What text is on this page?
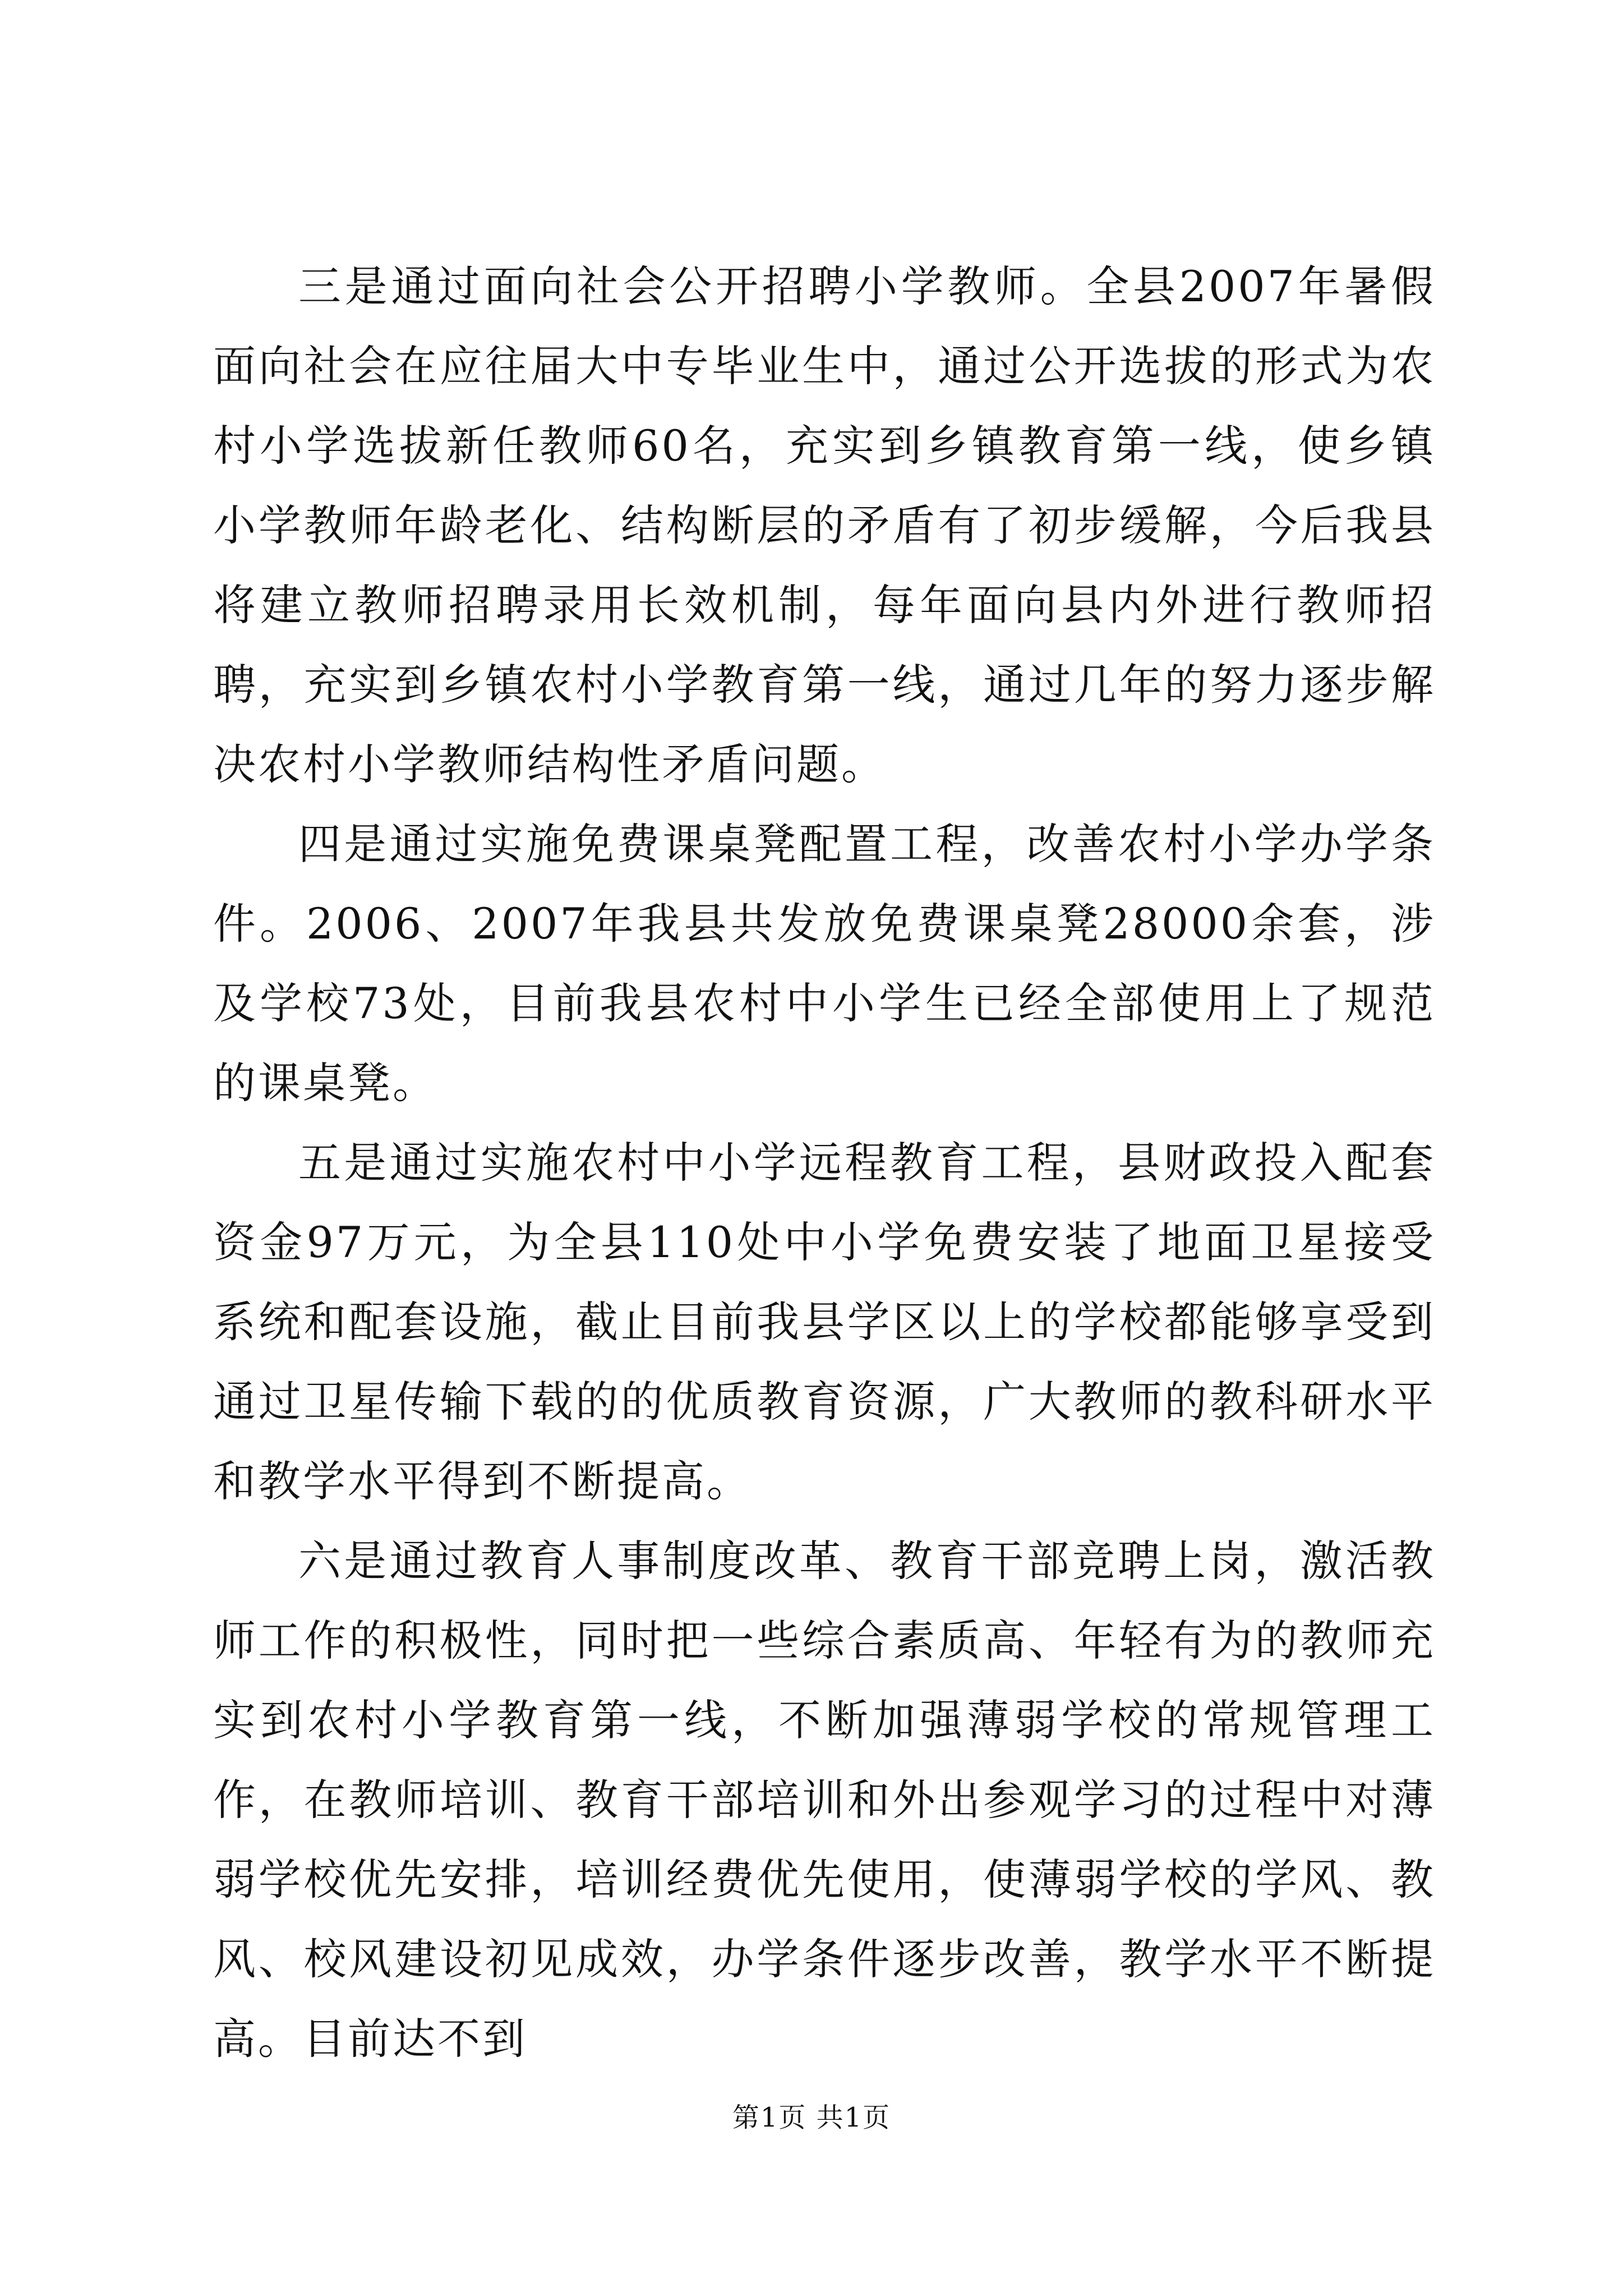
三是通过面向社会公开招聘小学教师。全县2007年暑假面向社会在应往届大中专毕业生中，通过公开选拔的形式为农村小学选拔新任教师60名，充实到乡镇教育第一线，使乡镇小学教师年龄老化、结构断层的矛盾有了初步缓解，今后我县将建立教师招聘录用长效机制，每年面向县内外进行教师招聘，充实到乡镇农村小学教育第一线，通过几年的努力逐步解决农村小学教师结构性矛盾问题。

四是通过实施免费课桌凳配置工程，改善农村小学办学条件。2006、2007年我县共发放免费课桌凳28000余套，涉及学校73处，目前我县农村中小学生已经全部使用上了规范的课桌凳。

五是通过实施农村中小学远程教育工程，县财政投入配套资金97万元，为全县110处中小学免费安装了地面卫星接受系统和配套设施，截止目前我县学区以上的学校都能够享受到通过卫星传输下载的的优质教育资源，广大教师的教科研水平和教学水平得到不断提高。

六是通过教育人事制度改革、教育干部竞聘上岗，激活教师工作的积极性，同时把一些综合素质高、年轻有为的教师充实到农村小学教育第一线，不断加强薄弱学校的常规管理工作，在教师培训、教育干部培训和外出参观学习的过程中对薄弱学校优先安排，培训经费优先使用，使薄弱学校的学风、教风、校风建设初见成效，办学条件逐步改善，教学水平不断提高。目前达不到

第1页 共1页
